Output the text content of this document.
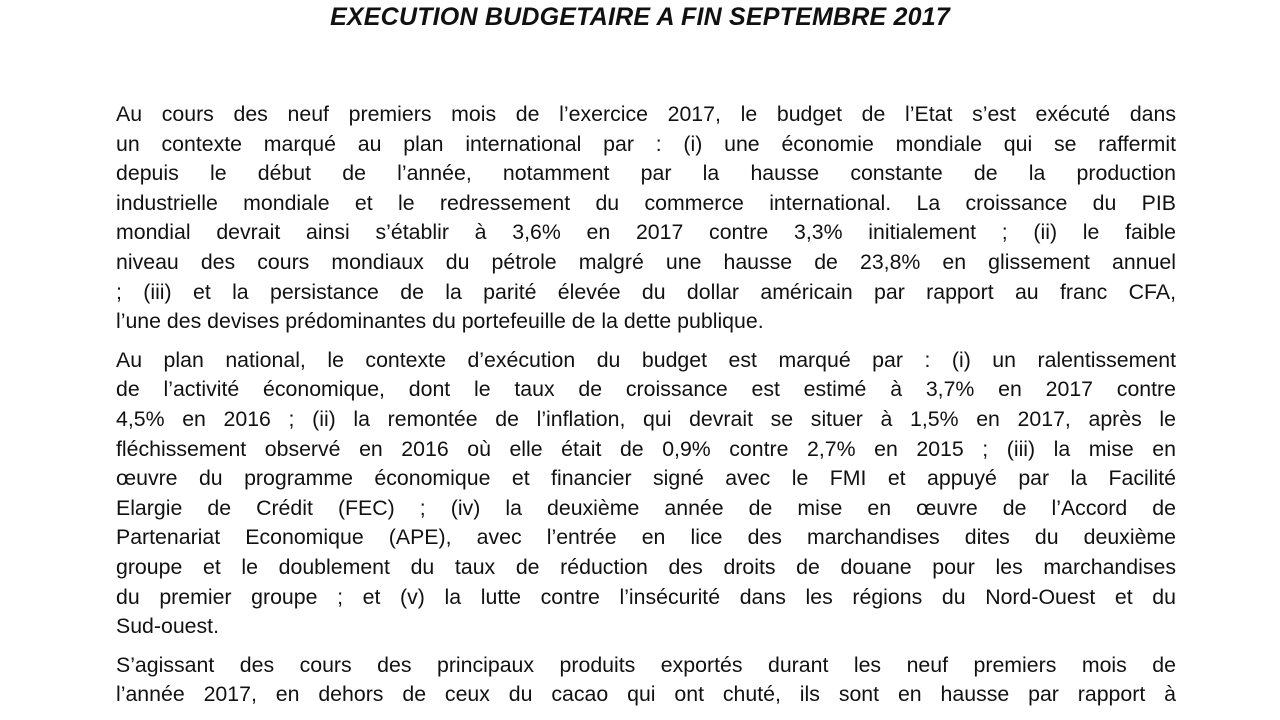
EXECUTION BUDGETAIRE A FIN SEPTEMBRE 2017

Au cours des neuf premiers mois de l’exercice 2017, le budget de l’Etat s’est exécuté dans
un contexte marqué au plan international par : (i) une économie mondiale qui se raffermit
depuis le début de l’année, notamment par la hausse constante de la production
industrielle mondiale et le redressement du commerce international. La croissance du PIB
mondial devrait ainsi s’établir à 3,6% en 2017 contre 3,3% initialement ; (ii) le faible
niveau des cours mondiaux du pétrole malgré une hausse de 23,8% en glissement annuel
; (iii) et la persistance de la parité élevée du dollar américain par rapport au franc CFA,
l’une des devises prédominantes du portefeuille de la dette publique.

Au plan national, le contexte d’exécution du budget est marqué par : (i) un ralentissement
de l’activité économique, dont le taux de croissance est estimé à 3,7% en 2017 contre
4,5% en 2016 ; (ii) la remontée de l’inflation, qui devrait se situer à 1,5% en 2017, après le
fléchissement observé en 2016 où elle était de 0,9% contre 2,7% en 2015 ; (iii) la mise en
œuvre du programme économique et financier signé avec le FMI et appuyé par la Facilité
Elargie de Crédit (FEC) ; (iv) la deuxième année de mise en œuvre de l’Accord de
Partenariat Economique (APE), avec l’entrée en lice des marchandises dites du deuxième
groupe et le doublement du taux de réduction des droits de douane pour les marchandises
du premier groupe ; et (v) la lutte contre l’insécurité dans les régions du Nord-Ouest et du
Sud-ouest.

S’agissant des cours des principaux produits exportés durant les neuf premiers mois de
l’année 2017, en dehors de ceux du cacao qui ont chuté, ils sont en hausse par rapport à
